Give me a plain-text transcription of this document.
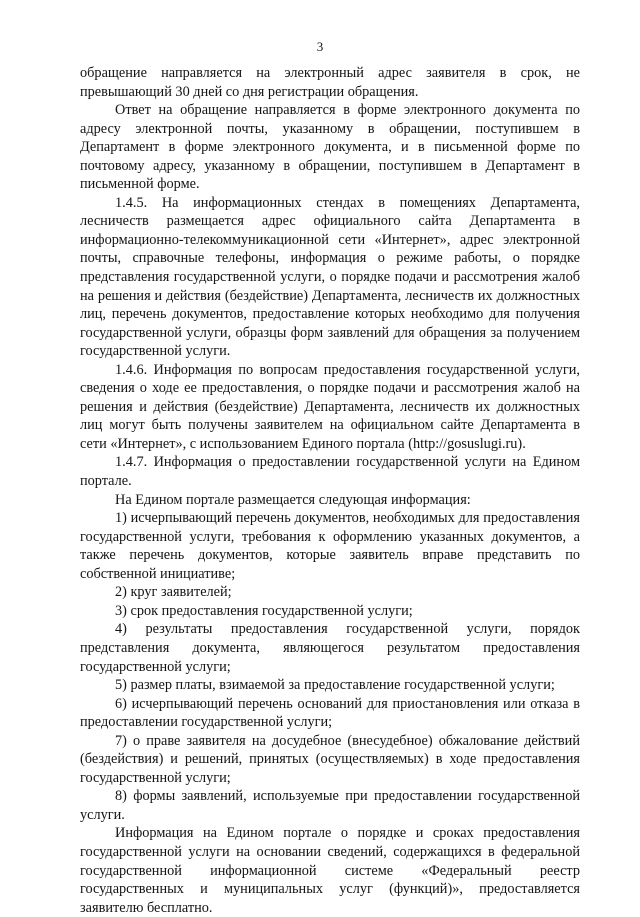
3

обращение направляется на электронный адрес заявителя в срок, не превышающий 30 дней со дня регистрации обращения.

Ответ на обращение направляется в форме электронного документа по адресу электронной почты, указанному в обращении, поступившем в Департамент в форме электронного документа, и в письменной форме по почтовому адресу, указанному в обращении, поступившем в Департамент в письменной форме.

1.4.5. На информационных стендах в помещениях Департамента, лесничеств размещается адрес официального сайта Департамента в информационно-телекоммуникационной сети «Интернет», адрес электронной почты, справочные телефоны, информация о режиме работы, о порядке представления государственной услуги, о порядке подачи и рассмотрения жалоб на решения и действия (бездействие) Департамента, лесничеств их должностных лиц, перечень документов, предоставление которых необходимо для получения государственной услуги, образцы форм заявлений для обращения за получением государственной услуги.

1.4.6. Информация по вопросам предоставления государственной услуги, сведения о ходе ее предоставления, о порядке подачи и рассмотрения жалоб на решения и действия (бездействие) Департамента, лесничеств их должностных лиц могут быть получены заявителем на официальном сайте Департамента в сети «Интернет», с использованием Единого портала (http://gosuslugi.ru).

1.4.7. Информация о предоставлении государственной услуги на Едином портале.

На Едином портале размещается следующая информация:

1) исчерпывающий перечень документов, необходимых для предоставления государственной услуги, требования к оформлению указанных документов, а также перечень документов, которые заявитель вправе представить по собственной инициативе;

2) круг заявителей;

3) срок предоставления государственной услуги;

4) результаты предоставления государственной услуги, порядок представления документа, являющегося результатом предоставления государственной услуги;

5) размер платы, взимаемой за предоставление государственной услуги;

6) исчерпывающий перечень оснований для приостановления или отказа в предоставлении государственной услуги;

7) о праве заявителя на досудебное (внесудебное) обжалование действий (бездействия) и решений, принятых (осуществляемых) в ходе предоставления государственной услуги;

8) формы заявлений, используемые при предоставлении государственной услуги.

Информация на Едином портале о порядке и сроках предоставления государственной услуги на основании сведений, содержащихся в федеральной государственной информационной системе «Федеральный реестр государственных и муниципальных услуг (функций)», предоставляется заявителю бесплатно.
